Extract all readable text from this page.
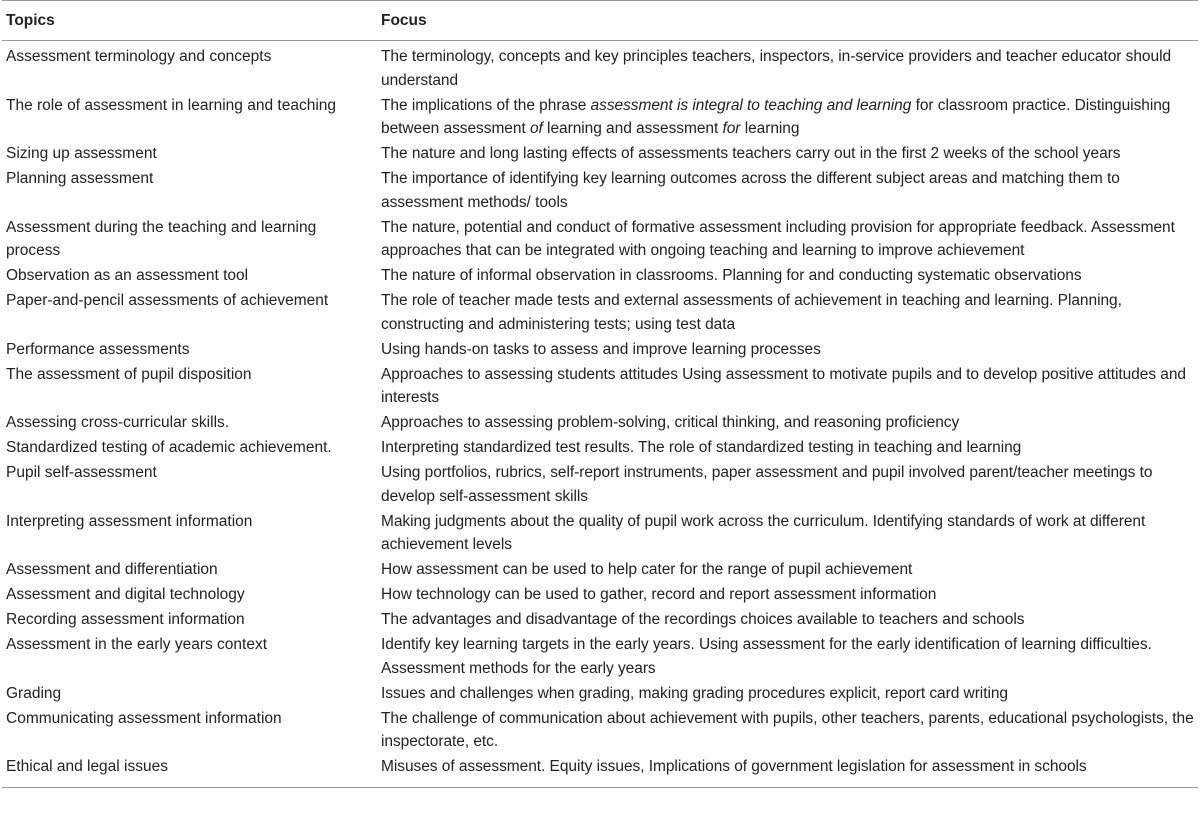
Topics	Focus
Assessment terminology and concepts	The terminology, concepts and key principles teachers, inspectors, in-service providers and teacher educator should understand
The role of assessment in learning and teaching	The implications of the phrase assessment is integral to teaching and learning for classroom practice. Distinguishing between assessment of learning and assessment for learning
Sizing up assessment	The nature and long lasting effects of assessments teachers carry out in the first 2 weeks of the school years
Planning assessment	The importance of identifying key learning outcomes across the different subject areas and matching them to assessment methods/ tools
Assessment during the teaching and learning process	The nature, potential and conduct of formative assessment including provision for appropriate feedback. Assessment approaches that can be integrated with ongoing teaching and learning to improve achievement
Observation as an assessment tool	The nature of informal observation in classrooms. Planning for and conducting systematic observations
Paper-and-pencil assessments of achievement	The role of teacher made tests and external assessments of achievement in teaching and learning. Planning, constructing and administering tests; using test data
Performance assessments	Using hands-on tasks to assess and improve learning processes
The assessment of pupil disposition	Approaches to assessing students attitudes Using assessment to motivate pupils and to develop positive attitudes and interests
Assessing cross-curricular skills.	Approaches to assessing problem-solving, critical thinking, and reasoning proficiency
Standardized testing of academic achievement.	Interpreting standardized test results. The role of standardized testing in teaching and learning
Pupil self-assessment	Using portfolios, rubrics, self-report instruments, paper assessment and pupil involved parent/teacher meetings to develop self-assessment skills
Interpreting assessment information	Making judgments about the quality of pupil work across the curriculum. Identifying standards of work at different achievement levels
Assessment and differentiation	How assessment can be used to help cater for the range of pupil achievement
Assessment and digital technology	How technology can be used to gather, record and report assessment information
Recording assessment information	The advantages and disadvantage of the recordings choices available to teachers and schools
Assessment in the early years context	Identify key learning targets in the early years. Using assessment for the early identification of learning difficulties. Assessment methods for the early years
Grading	Issues and challenges when grading, making grading procedures explicit, report card writing
Communicating assessment information	The challenge of communication about achievement with pupils, other teachers, parents, educational psychologists, the inspectorate, etc.
Ethical and legal issues	Misuses of assessment. Equity issues, Implications of government legislation for assessment in schools
